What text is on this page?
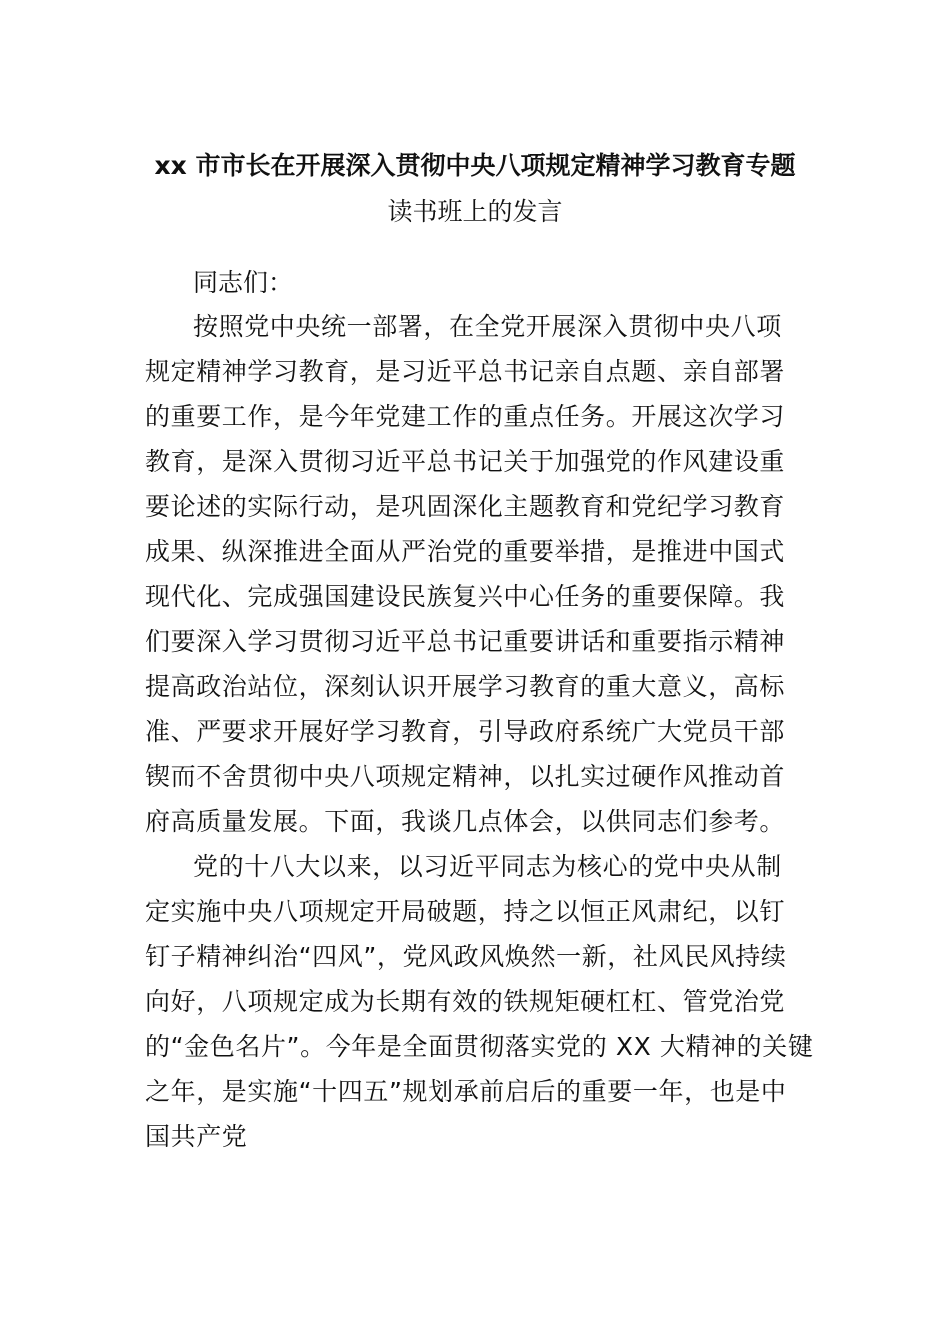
xx 市市长在开展深入贯彻中央八项规定精神学习教育专题

读书班上的发言

同志们：

按照党中央统一部署，在全党开展深入贯彻中央八项

规定精神学习教育，是习近平总书记亲自点题、亲自部署

的重要工作，是今年党建工作的重点任务。开展这次学习

教育，是深入贯彻习近平总书记关于加强党的作风建设重

要论述的实际行动，是巩固深化主题教育和党纪学习教育

成果、纵深推进全面从严治党的重要举措，是推进中国式

现代化、完成强国建设民族复兴中心任务的重要保障。我

们要深入学习贯彻习近平总书记重要讲话和重要指示精神

提高政治站位，深刻认识开展学习教育的重大意义，高标

准、严要求开展好学习教育，引导政府系统广大党员干部

锲而不舍贯彻中央八项规定精神，以扎实过硬作风推动首

府高质量发展。下面，我谈几点体会，以供同志们参考。

党的十八大以来，以习近平同志为核心的党中央从制

定实施中央八项规定开局破题，持之以恒正风肃纪，以钉

钉子精神纠治“四风”，党风政风焕然一新，社风民风持续

向好，八项规定成为长期有效的铁规矩硬杠杠、管党治党

的“金色名片”。今年是全面贯彻落实党的 XX 大精神的关键

之年，是实施“十四五”规划承前启后的重要一年，也是中

国共产党
